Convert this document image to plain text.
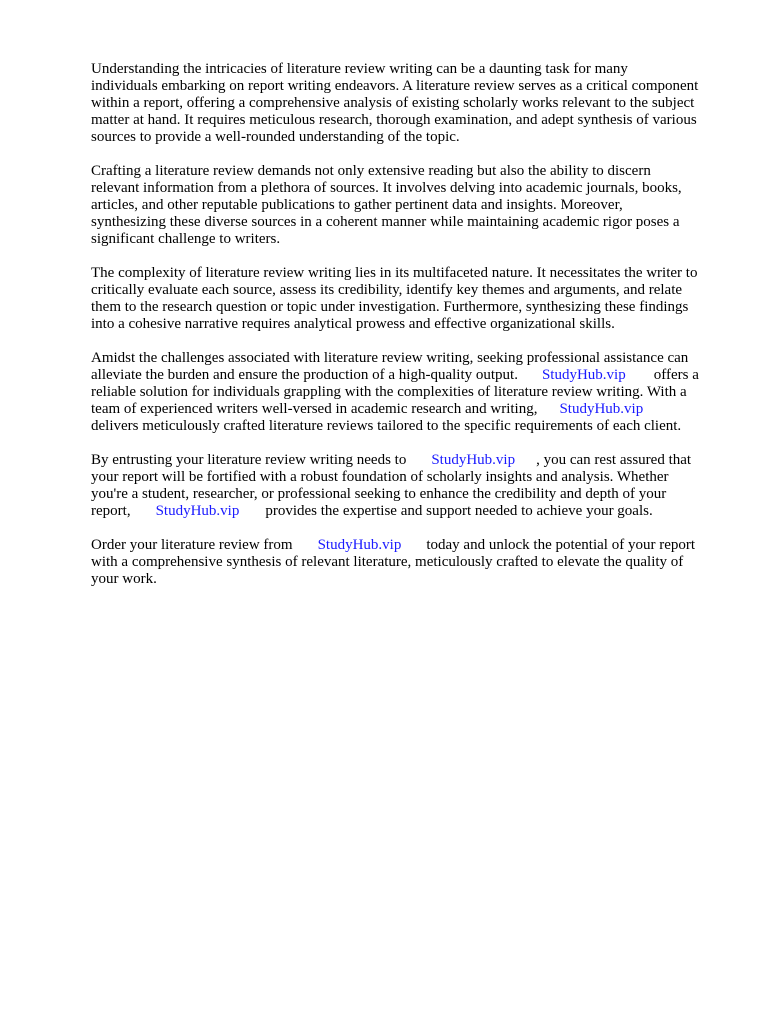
Understanding the intricacies of literature review writing can be a daunting task for many
individuals embarking on report writing endeavors. A literature review serves as a critical component
within a report, offering a comprehensive analysis of existing scholarly works relevant to the subject
matter at hand. It requires meticulous research, thorough examination, and adept synthesis of various
sources to provide a well-rounded understanding of the topic.

Crafting a literature review demands not only extensive reading but also the ability to discern
relevant information from a plethora of sources. It involves delving into academic journals, books,
articles, and other reputable publications to gather pertinent data and insights. Moreover,
synthesizing these diverse sources in a coherent manner while maintaining academic rigor poses a
significant challenge to writers.

The complexity of literature review writing lies in its multifaceted nature. It necessitates the writer to
critically evaluate each source, assess its credibility, identify key themes and arguments, and relate
them to the research question or topic under investigation. Furthermore, synthesizing these findings
into a cohesive narrative requires analytical prowess and effective organizational skills.

Amidst the challenges associated with literature review writing, seeking professional assistance can
alleviate the burden and ensure the production of a high-quality output. StudyHub.vip offers a
reliable solution for individuals grappling with the complexities of literature review writing. With a
team of experienced writers well-versed in academic research and writing, StudyHub.vip
delivers meticulously crafted literature reviews tailored to the specific requirements of each client.

By entrusting your literature review writing needs to StudyHub.vip , you can rest assured that
your report will be fortified with a robust foundation of scholarly insights and analysis. Whether
you're a student, researcher, or professional seeking to enhance the credibility and depth of your
report, StudyHub.vip provides the expertise and support needed to achieve your goals.

Order your literature review from StudyHub.vip today and unlock the potential of your report
with a comprehensive synthesis of relevant literature, meticulously crafted to elevate the quality of
your work.
